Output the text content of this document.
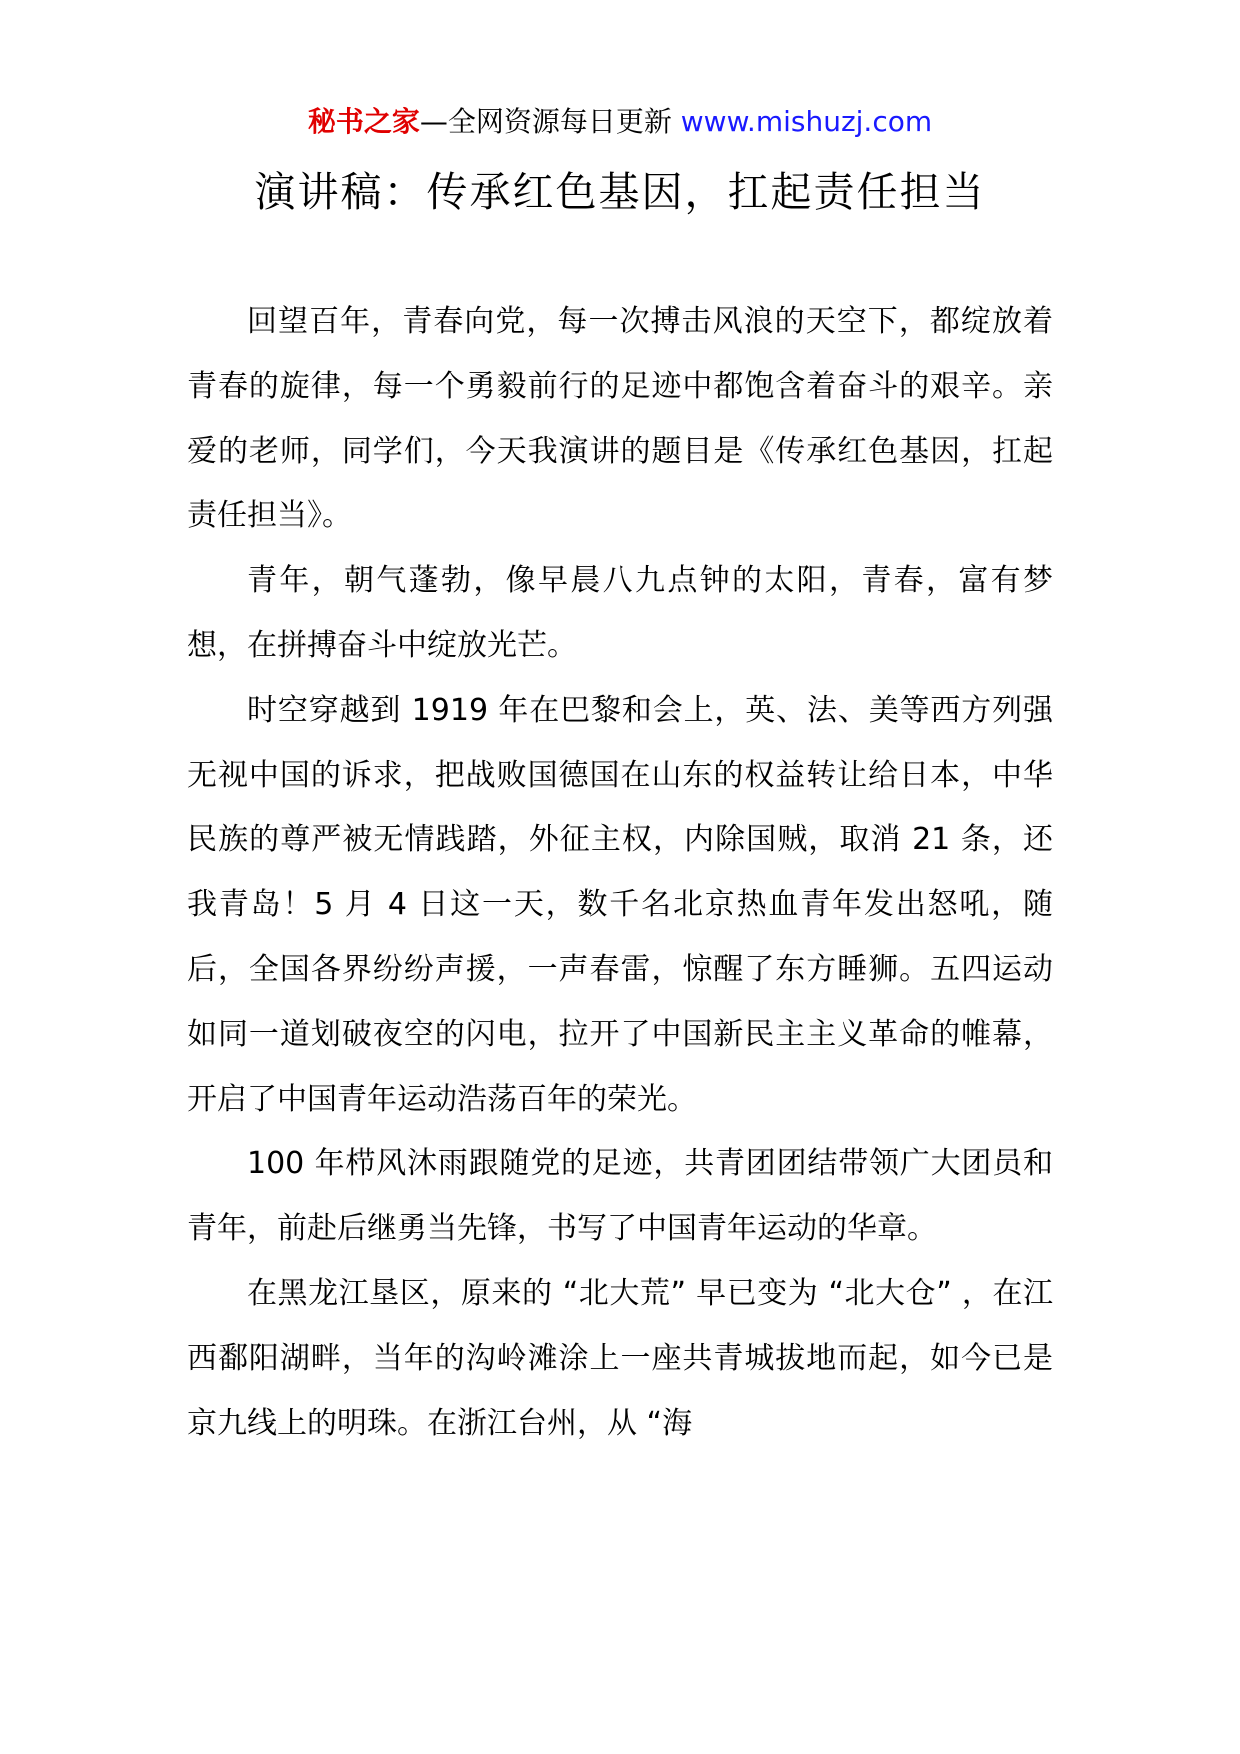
秘书之家—全网资源每日更新 www.mishuzj.com
演讲稿：传承红色基因，扛起责任担当

回望百年，青春向党，每一次搏击风浪的天空下，都绽放着青春的旋律，每一个勇毅前行的足迹中都饱含着奋斗的艰辛。亲爱的老师，同学们，今天我演讲的题目是《传承红色基因，扛起责任担当》。

青年，朝气蓬勃，像早晨八九点钟的太阳，青春，富有梦想，在拼搏奋斗中绽放光芒。

时空穿越到 1919 年在巴黎和会上，英、法、美等西方列强无视中国的诉求，把战败国德国在山东的权益转让给日本，中华民族的尊严被无情践踏，外征主权，内除国贼，取消 21 条，还我青岛！5 月 4 日这一天，数千名北京热血青年发出怒吼，随后，全国各界纷纷声援，一声春雷，惊醒了东方睡狮。五四运动如同一道划破夜空的闪电，拉开了中国新民主主义革命的帷幕，开启了中国青年运动浩荡百年的荣光。

100 年栉风沐雨跟随党的足迹，共青团团结带领广大团员和青年，前赴后继勇当先锋，书写了中国青年运动的华章。

在黑龙江垦区，原来的 “北大荒” 早已变为 “北大仓” ，在江西鄱阳湖畔，当年的沟岭滩涂上一座共青城拔地而起，如今已是京九线上的明珠。在浙江台州，从 “海
